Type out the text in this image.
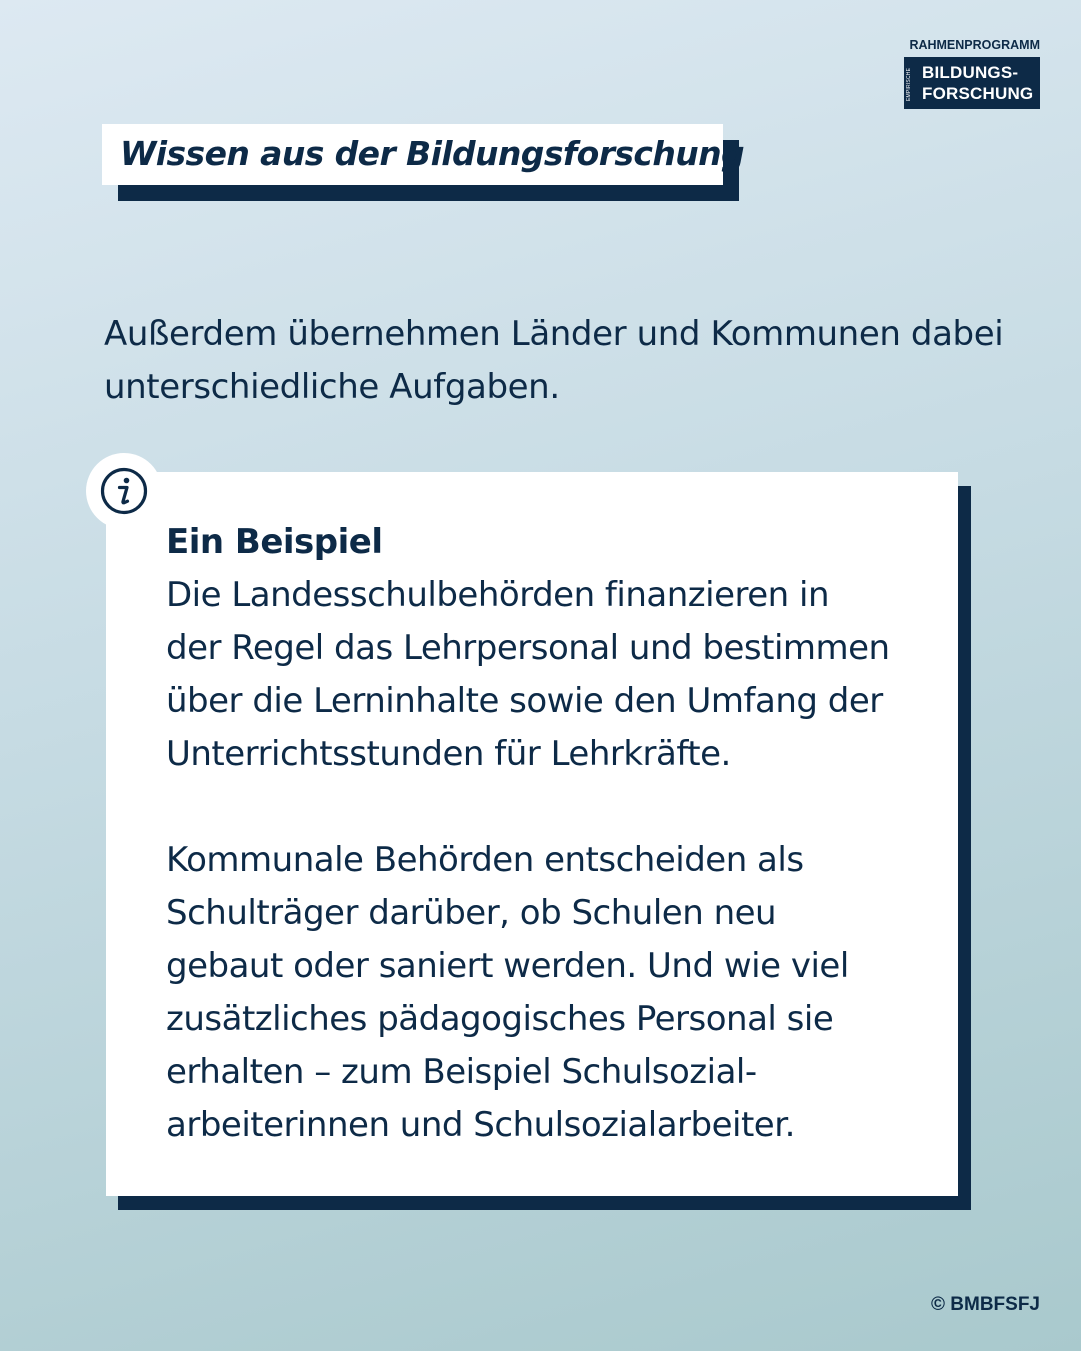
RAHMENPROGRAMM
EMPIRISCHE BILDUNGS-
FORSCHUNG
Wissen aus der Bildungsforschung
Außerdem übernehmen Länder und Kommunen dabei
unterschiedliche Aufgaben.
Ein Beispiel

Die Landesschulbehörden finanzieren in
der Regel das Lehrpersonal und bestimmen
über die Lerninhalte sowie den Umfang der
Unterrichtsstunden für Lehrkräfte.

Kommunale Behörden entscheiden als
Schulträger darüber, ob Schulen neu
gebaut oder saniert werden. Und wie viel
zusätzliches pädagogisches Personal sie
erhalten – zum Beispiel Schulsozial-
arbeiterinnen und Schulsozialarbeiter.

© BMBFSFJ
